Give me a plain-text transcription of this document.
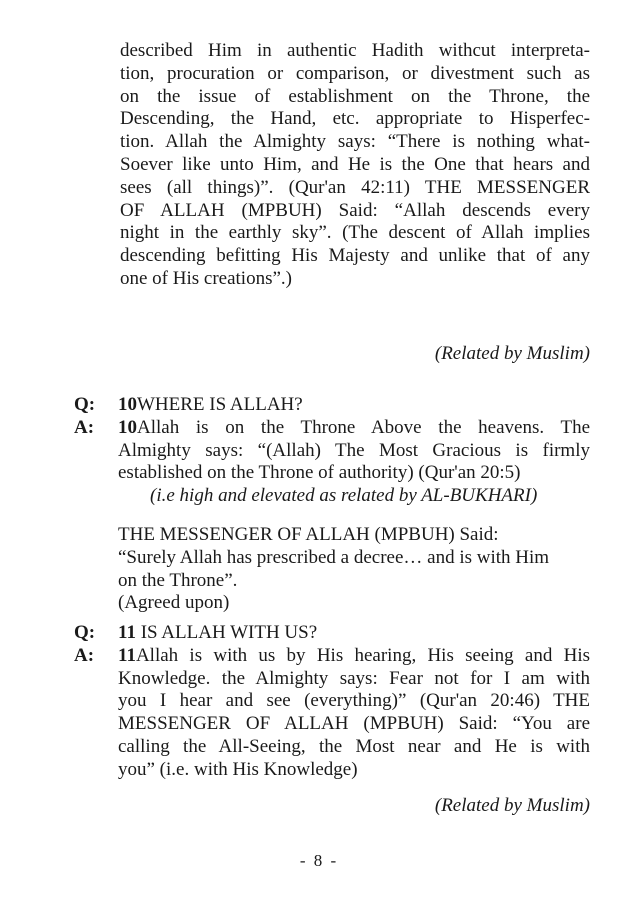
described Him in authentic Hadith withcut interpreta-
tion, procuration or comparison, or divestment such as
on the issue of establishment on the Throne, the
Descending, the Hand, etc. appropriate to Hisperfec-
tion. Allah the Almighty says: “There is nothing what-
Soever like unto Him, and He is the One that hears and
sees (all things)”. (Qur'an 42:11) THE MESSENGER
OF ALLAH (MPBUH) Said: “Allah descends every
night in the earthly sky”. (The descent of Allah implies
descending befitting His Majesty and unlike that of any
one of His creations”.)
(Related by Muslim)
Q:	10WHERE IS ALLAH?
A:	10Allah is on the Throne Above the heavens. The
Almighty says: “(Allah) The Most Gracious is firmly
established on the Throne of authority) (Qur'an 20:5)
(i.e high and elevated as related by AL-BUKHARI)
THE MESSENGER OF ALLAH (MPBUH) Said:
“Surely Allah has prescribed a decree… and is with Him
on the Throne”.
(Agreed upon)
Q:	11 IS ALLAH WITH US?
A:	11Allah is with us by His hearing, His seeing and His
Knowledge. the Almighty says: Fear not for I am with
you I hear and see (everything)” (Qur'an 20:46) THE
MESSENGER OF ALLAH (MPBUH) Said: “You are
calling the All-Seeing, the Most near and He is with
you” (i.e. with His Knowledge)
(Related by Muslim)
- 8 -
